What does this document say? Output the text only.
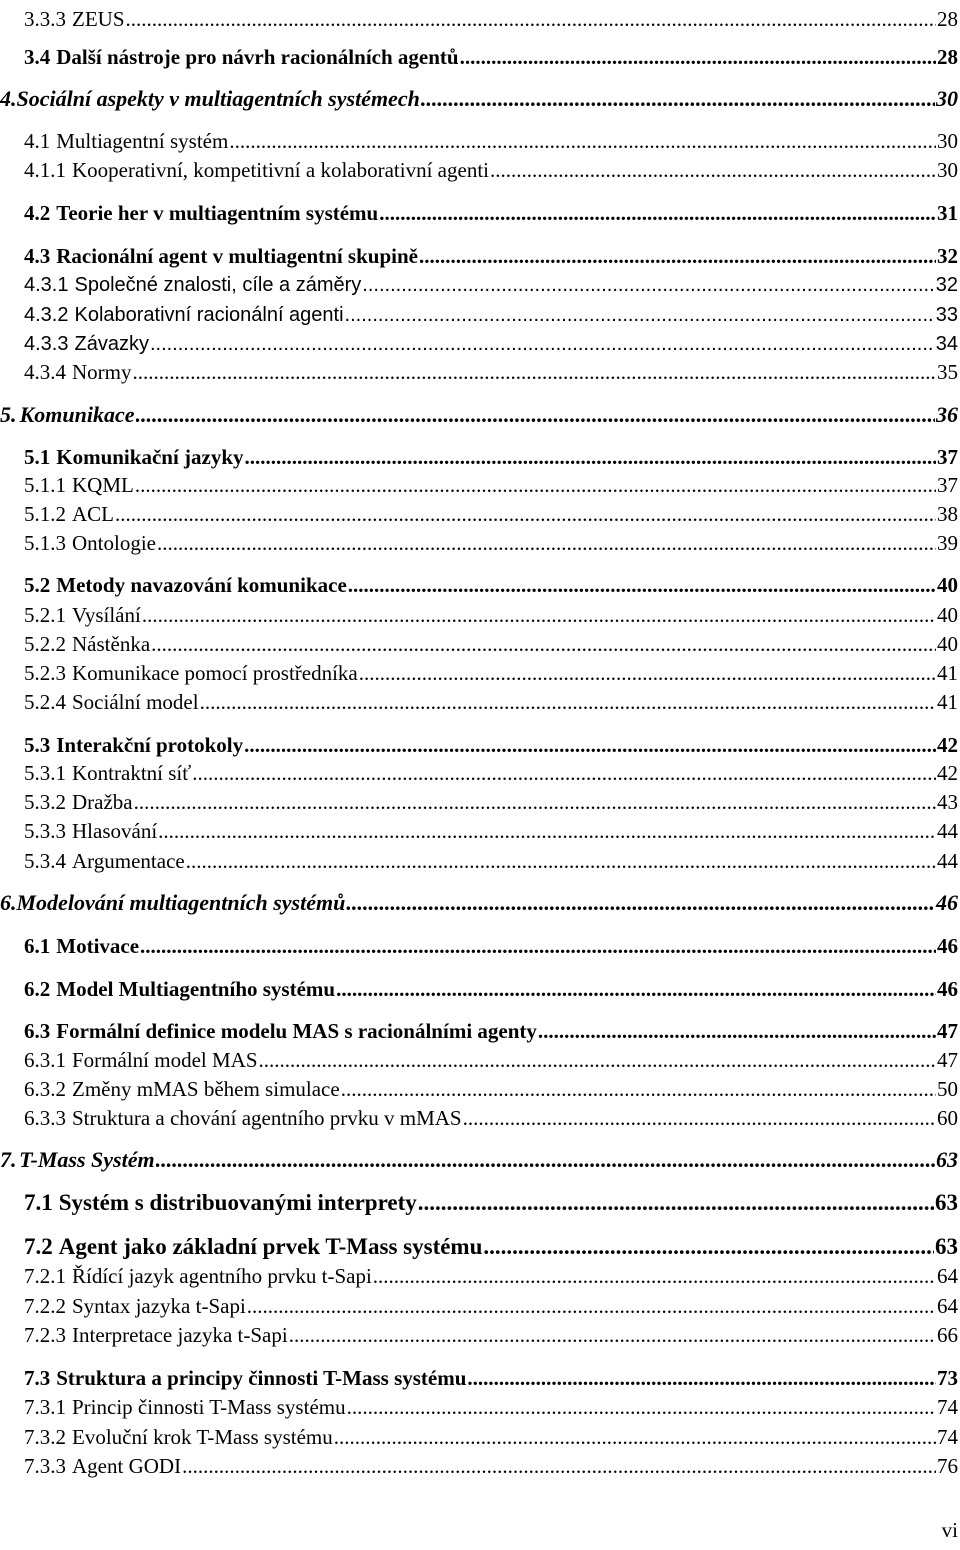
3.3.3 ZEUS .....	28
3.4 Další nástroje pro návrh racionálních agentů .....	28
4. Sociální aspekty v multiagentních systémech .....	30
4.1 Multiagentní systém .....	30
4.1.1 Kooperativní, kompetitivní a kolaborativní agenti .....	30
4.2 Teorie her v multiagentním systému .....	31
4.3 Racionální agent v multiagentní skupině .....	32
4.3.1 Společné znalosti, cíle a záměry .....	32
4.3.2 Kolaborativní racionální agenti .....	33
4.3.3 Závazky .....	34
4.3.4 Normy .....	35
5. Komunikace .....	36
5.1 Komunikační jazyky .....	37
5.1.1 KQML .....	37
5.1.2 ACL .....	38
5.1.3 Ontologie .....	39
5.2 Metody navazování komunikace .....	40
5.2.1 Vysílání .....	40
5.2.2 Nástěnka .....	40
5.2.3 Komunikace pomocí prostředníka .....	41
5.2.4 Sociální model .....	41
5.3 Interakční protokoly .....	42
5.3.1 Kontraktní síť .....	42
5.3.2 Dražba .....	43
5.3.3 Hlasování .....	44
5.3.4 Argumentace .....	44
6. Modelování multiagentních systémů .....	46
6.1 Motivace .....	46
6.2 Model Multiagentního systému .....	46
6.3 Formální definice modelu MAS s racionálními agenty .....	47
6.3.1 Formální model MAS .....	47
6.3.2 Změny mMAS během simulace .....	50
6.3.3 Struktura a chování agentního prvku v mMAS .....	60
7. T-Mass Systém .....	63
7.1 Systém s distribuovanými interprety .....	63
7.2 Agent jako základní prvek T-Mass systému .....	63
7.2.1 Řídící jazyk agentního prvku t-Sapi .....	64
7.2.2 Syntax jazyka t-Sapi .....	64
7.2.3 Interpretace jazyka t-Sapi .....	66
7.3 Struktura a principy činnosti T-Mass systému .....	73
7.3.1 Princip činnosti T-Mass systému .....	74
7.3.2 Evoluční krok T-Mass systému .....	74
7.3.3 Agent GODI .....	76
vi
